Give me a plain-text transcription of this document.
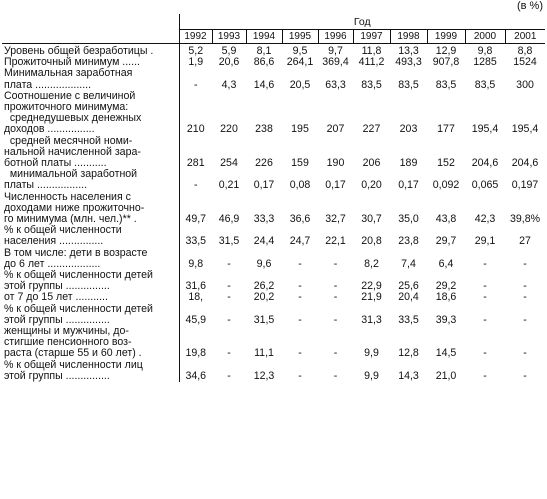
(в %)
	Год									
	1992	1993	1994	1995	1996	1997	1998	1999	2000	2001

Уровень общей безработицы .	5,2	5,9	8,1	9,5	9,7	11,8	13,3	12,9	9,8	8,8

Прожиточный минимум ......	1,9	20,6	86,6	264,1	369,4	411,2	493,3	907,8	1285	1524

Минимальная заработная
плата ...................	-	4,3	14,6	20,5	63,3	83,5	83,5	83,5	83,5	300

Соотношение с величиной
прожиточного минимума:
среднедушевых денежных
доходов ................	210	220	238	195	207	227	203	177	195,4	195,4

средней месячной номи-
нальной начисленной зара-
ботной платы ...........	281	254	226	159	190	206	189	152	204,6	204,6

минимальной заработной
платы .................	-	0,21	0,17	0,08	0,17	0,20	0,17	0,092	0,065	0,197

Численность населения с
доходами ниже прожиточно-
го минимума (млн. чел.)** .	49,7	46,9	33,3	36,6	32,7	30,7	35,0	43,8	42,3	39,8%

% к общей численности
населения ...............	33,5	31,5	24,4	24,7	22,1	20,8	23,8	29,7	29,1	27

В том числе: дети в возрасте
до 6 лет ..................	9,8	-	9,6	-	-	8,2	7,4	6,4	-	-

% к общей численности детей
этой группы ...............	31,6	-	26,2	-	-	22,9	25,6	29,2	-	-

от 7 до 15 лет ...........	18,	-	20,2	-	-	21,9	20,4	18,6	-	-

% к общей численности детей
этой группы ...............	45,9	-	31,5	-	-	31,3	33,5	39,3	-	-

женщины и мужчины, до-
стигшие пенсионного воз-
раста (старше 55 и 60 лет) .	19,8	-	11,1	-	-	9,9	12,8	14,5	-	-

% к общей численности лиц
этой группы ...............	34,6	-	12,3	-	-	9,9	14,3	21,0	-	-
